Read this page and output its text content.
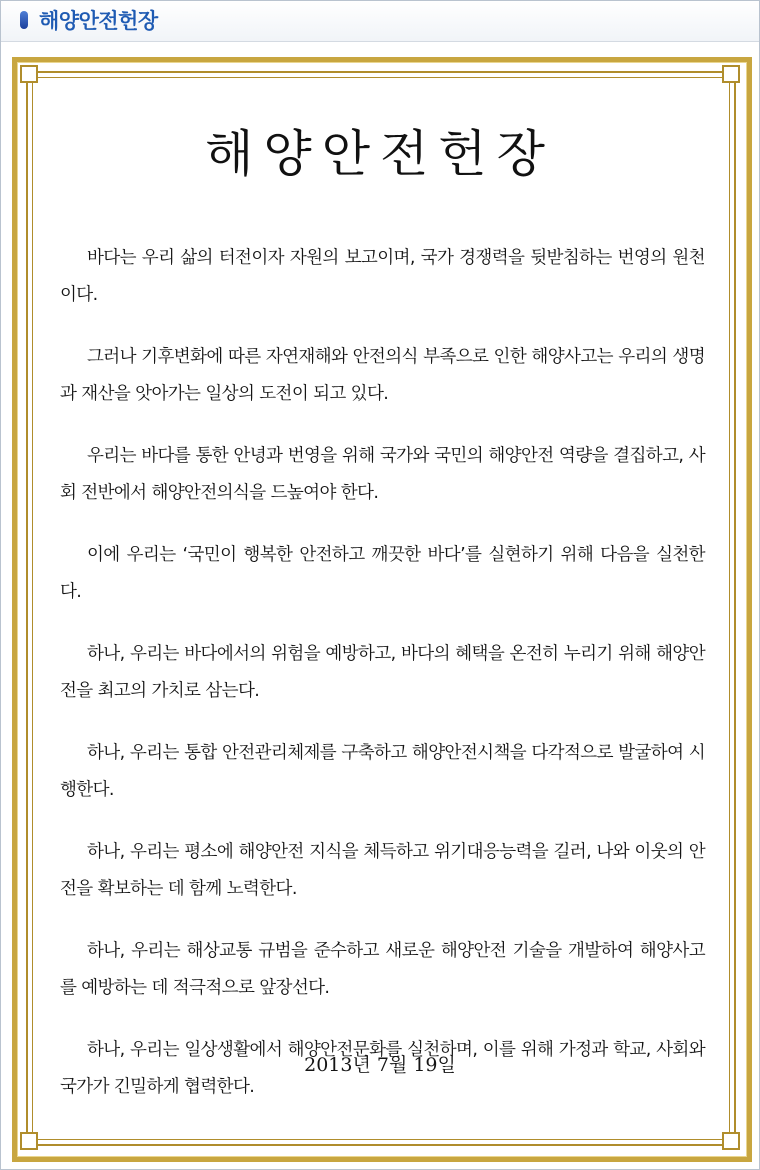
해양안전헌장
해양안전헌장

바다는 우리 삶의 터전이자 자원의 보고이며, 국가 경쟁력을 뒷받침하는 번영의 원천이다.

그러나 기후변화에 따른 자연재해와 안전의식 부족으로 인한 해양사고는 우리의 생명과 재산을 앗아가는 일상의 도전이 되고 있다.

우리는 바다를 통한 안녕과 번영을 위해 국가와 국민의 해양안전 역량을 결집하고, 사회 전반에서 해양안전의식을 드높여야 한다.

이에 우리는 ‘국민이 행복한 안전하고 깨끗한 바다’를 실현하기 위해 다음을 실천한다.

하나, 우리는 바다에서의 위험을 예방하고, 바다의 혜택을 온전히 누리기 위해 해양안전을 최고의 가치로 삼는다.

하나, 우리는 통합 안전관리체제를 구축하고 해양안전시책을 다각적으로 발굴하여 시행한다.

하나, 우리는 평소에 해양안전 지식을 체득하고 위기대응능력을 길러, 나와 이웃의 안전을 확보하는 데 함께 노력한다.

하나, 우리는 해상교통 규범을 준수하고 새로운 해양안전 기술을 개발하여 해양사고를 예방하는 데 적극적으로 앞장선다.

하나, 우리는 일상생활에서 해양안전문화를 실천하며, 이를 위해 가정과 학교, 사회와 국가가 긴밀하게 협력한다.

2013년 7월 19일
